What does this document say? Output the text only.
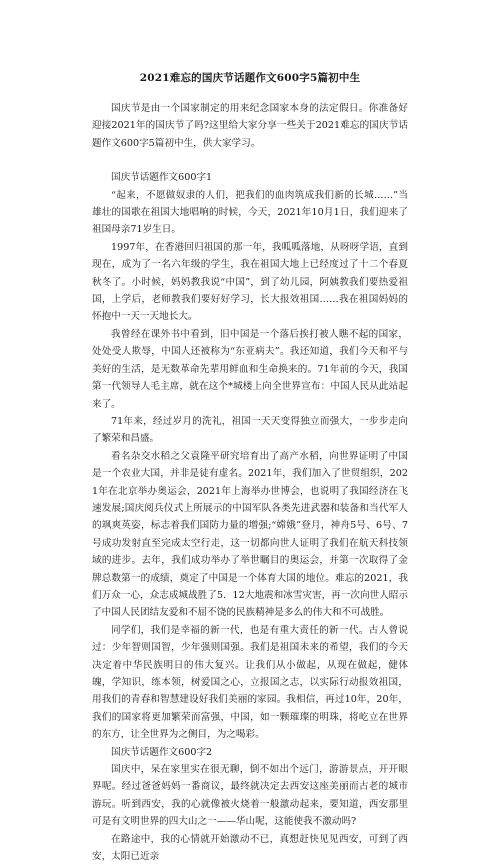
2021难忘的国庆节话题作文600字5篇初中生

国庆节是由一个国家制定的用来纪念国家本身的法定假日。你准备好迎接2021年的国庆节了吗?这里给大家分享一些关于2021难忘的国庆节话题作文600字5篇初中生，供大家学习。

国庆节话题作文600字1

“起来，不愿做奴隶的人们，把我们的血肉筑成我们新的长城……”当雄壮的国歌在祖国大地唱响的时候，今天，2021年10月1日，我们迎来了祖国母亲71岁生日。

1997年，在香港回归祖国的那一年，我呱呱落地，从呀呀学语，直到现在，成为了一名六年级的学生，我在祖国大地上已经度过了十二个春夏秋冬了。小时候，妈妈教我说“中国”，到了幼儿园，阿姨教我们要热爱祖国，上学后，老师教我们要好好学习，长大报效祖国……我在祖国妈妈的怀抱中一天一天地长大。

我曾经在课外书中看到，旧中国是一个落后挨打被人瞧不起的国家，处处受人欺辱，中国人还被称为“东亚病夫”。我还知道，我们今天和平与美好的生活，是无数革命先辈用鲜血和生命换来的。71年前的今天，我国第一代领导人毛主席，就在这个*城楼上向全世界宣布：中国人民从此站起来了。

71年来，经过岁月的洗礼，祖国一天天变得独立而强大，一步步走向了繁荣和昌盛。

看名杂交水稻之父袁隆平研究培育出了高产水稻，向世界证明了中国是一个农业大国，并非是徒有虚名。2021年，我们加入了世贸组织，2021年在北京举办奥运会，2021年上海举办世博会，也说明了我国经济在飞速发展;国庆阅兵仪式上所展示的中国军队各类先进武器和装备和当代军人的飒爽英姿，标志着我们国防力量的增强;“嫦娥”登月，神舟5号、6号、7号成功发射直至完成太空行走，这一切都向世人证明了我们在航天科技领域的进步。去年，我们成功举办了举世瞩目的奥运会，并第一次取得了金牌总数第一的成绩，奠定了中国是一个体育大国的地位。难忘的2021，我们万众一心，众志成城战胜了5．12大地震和冰雪灾害，再一次向世人昭示了中国人民团结友爱和不屈不饶的民族精神是多么的伟大和不可战胜。

同学们，我们是幸福的新一代，也是有重大责任的新一代。古人曾说过：少年智则国智，少年强则国强。我们是祖国未来的希望，我们的今天决定着中华民族明日的伟大复兴。让我们从小做起，从现在做起，健体魄，学知识，练本领，树爱国之心，立报国之志，以实际行动报效祖国，用我们的青春和智慧建设好我们美丽的家园。我相信，再过10年，20年，我们的国家将更加繁荣而富强，中国，如一颗璀璨的明珠，将屹立在世界的东方，让全世界为之侧目，为之喝彩。

国庆节话题作文600字2

国庆中，呆在家里实在很无聊，倒不如出个远门，游游景点，开开眼界呢。经过爸爸妈妈一番商议，最终就决定去西安这座美丽而古老的城市游玩。听到西安，我的心就像被火烧着一般激动起来，要知道，西安那里可是有文明世界的四大山之一——华山呢，这能使我不激动吗?

在路途中，我的心情就开始激动不已，真想赶快见见西安，可到了西安，太阳已近亲
